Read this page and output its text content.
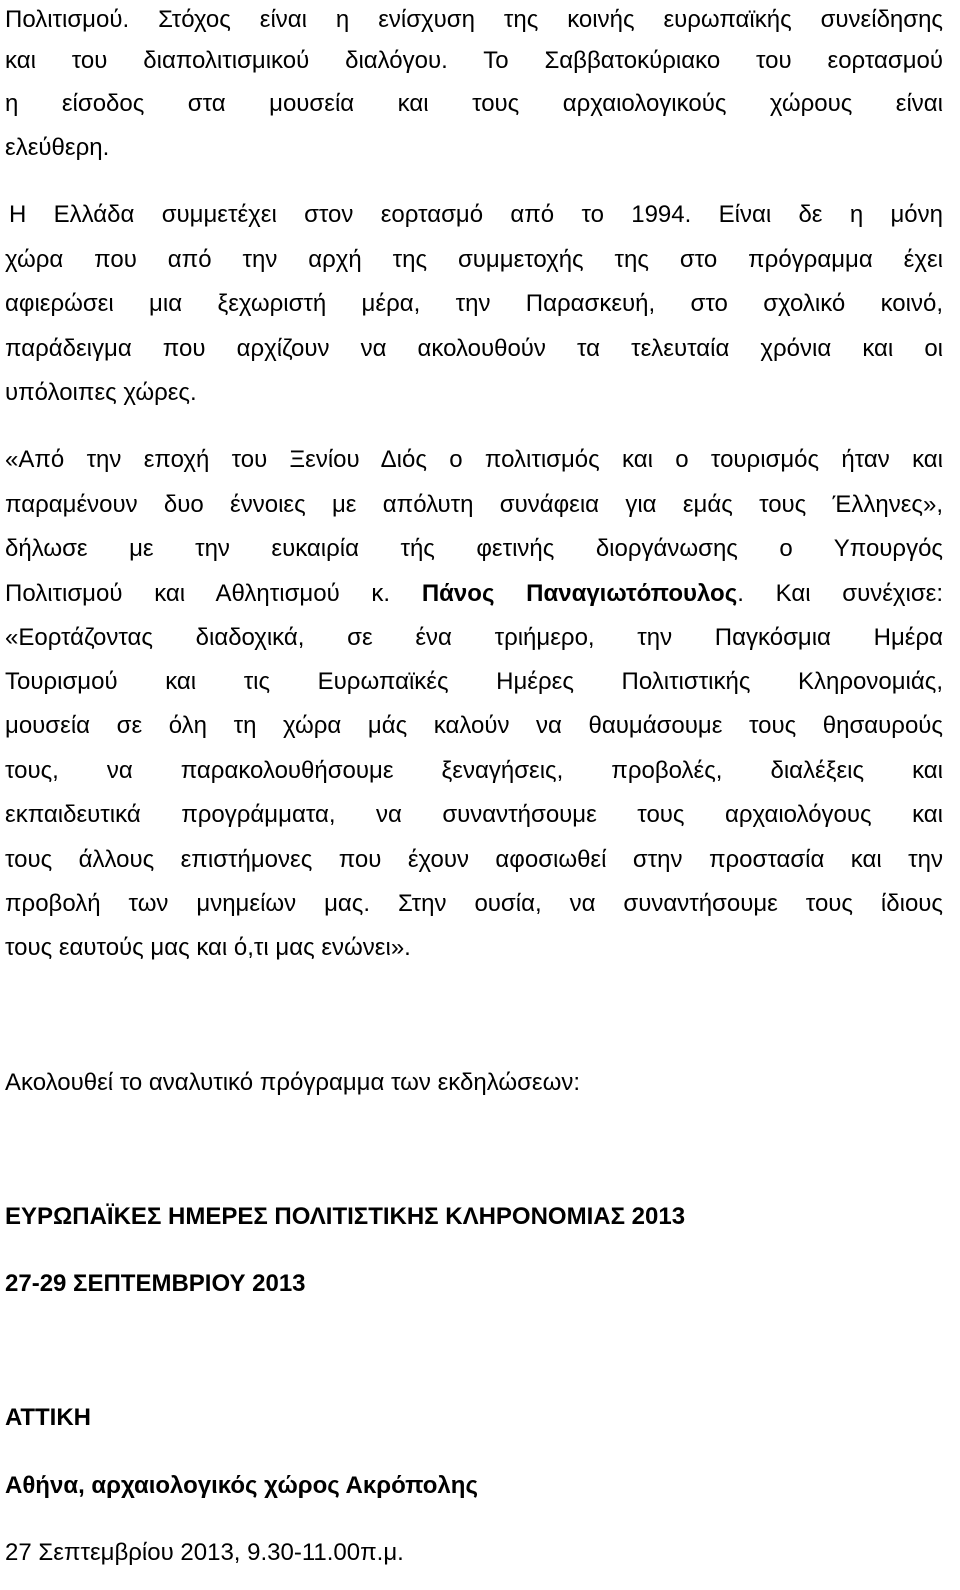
Πολιτισμού. Στόχος είναι η ενίσχυση της κοινής ευρωπαϊκής συνείδησης
και του διαπολιτισμικού διαλόγου. Το Σαββατοκύριακο του εορτασμού
η είσοδος στα μουσεία και τους αρχαιολογικούς χώρους είναι
ελεύθερη.
Η Ελλάδα συμμετέχει στον εορτασμό από το 1994. Είναι δε η μόνη
χώρα που από την αρχή της συμμετοχής της στο πρόγραμμα έχει
αφιερώσει μια ξεχωριστή μέρα, την Παρασκευή, στο σχολικό κοινό,
παράδειγμα που αρχίζουν να ακολουθούν τα τελευταία χρόνια και οι
υπόλοιπες χώρες.
«Από την εποχή του Ξενίου Διός ο πολιτισμός και ο τουρισμός ήταν και
παραμένουν δυο έννοιες με απόλυτη συνάφεια για εμάς τους Έλληνες»,
δήλωσε με την ευκαιρία τής φετινής διοργάνωσης ο Υπουργός
Πολιτισμού και Αθλητισμού κ. Πάνος Παναγιωτόπουλος. Και συνέχισε:
«Εορτάζοντας διαδοχικά, σε ένα τριήμερο, την Παγκόσμια Ημέρα
Τουρισμού και τις Ευρωπαϊκές Ημέρες Πολιτιστικής Κληρονομιάς,
μουσεία σε όλη τη χώρα μάς καλούν να θαυμάσουμε τους θησαυρούς
τους, να παρακολουθήσουμε ξεναγήσεις, προβολές, διαλέξεις και
εκπαιδευτικά προγράμματα, να συναντήσουμε τους αρχαιολόγους και
τους άλλους επιστήμονες που έχουν αφοσιωθεί στην προστασία και την
προβολή των μνημείων μας. Στην ουσία, να συναντήσουμε τους ίδιους
τους εαυτούς μας και ό,τι μας ενώνει».
Ακολουθεί το αναλυτικό πρόγραμμα των εκδηλώσεων:
ΕΥΡΩΠΑΪΚΕΣ ΗΜΕΡΕΣ ΠΟΛΙΤΙΣΤΙΚΗΣ ΚΛΗΡΟΝΟΜΙΑΣ 2013
27-29 ΣΕΠΤΕΜΒΡΙΟΥ 2013
ΑΤΤΙΚΗ
Αθήνα, αρχαιολογικός χώρος Ακρόπολης
27 Σεπτεμβρίου 2013, 9.30-11.00π.μ.
